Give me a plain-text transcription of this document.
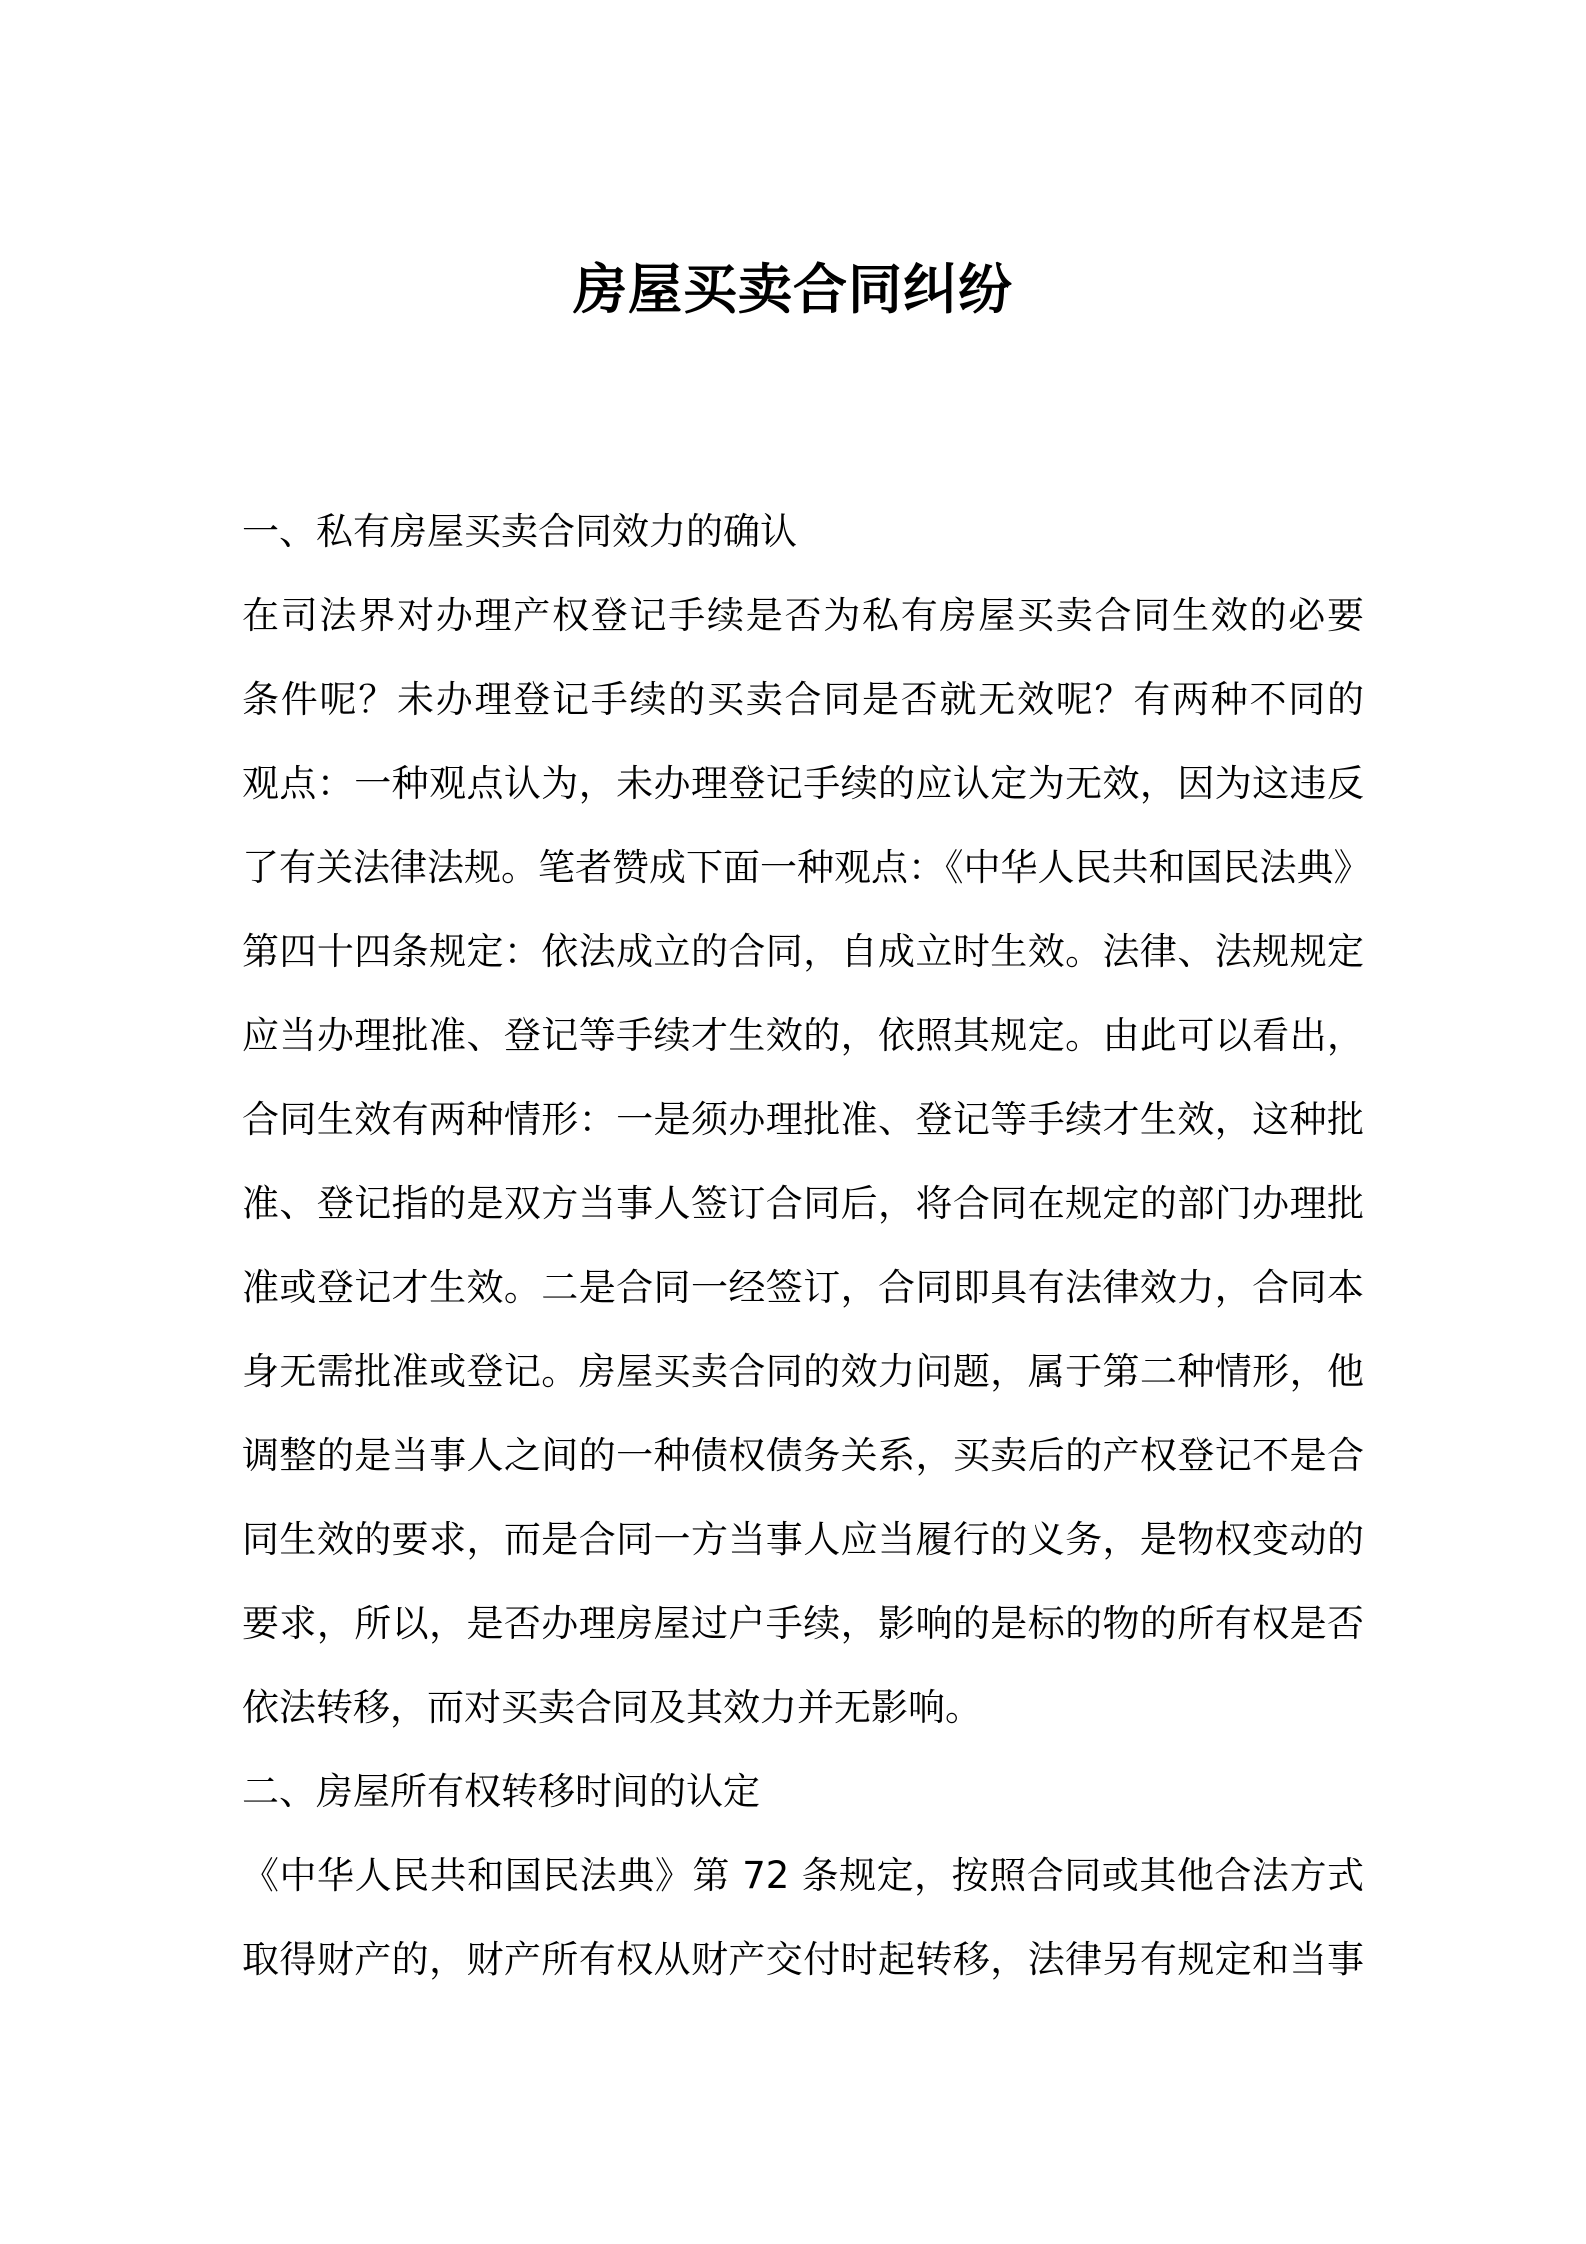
房屋买卖合同纠纷

一、私有房屋买卖合同效力的确认

在司法界对办理产权登记手续是否为私有房屋买卖合同生效的必要

条件呢？未办理登记手续的买卖合同是否就无效呢？有两种不同的

观点：一种观点认为，未办理登记手续的应认定为无效，因为这违反

了有关法律法规。笔者赞成下面一种观点：《中华人民共和国民法典》

第四十四条规定：依法成立的合同，自成立时生效。法律、法规规定

应当办理批准、登记等手续才生效的，依照其规定。由此可以看出，

合同生效有两种情形：一是须办理批准、登记等手续才生效，这种批

准、登记指的是双方当事人签订合同后，将合同在规定的部门办理批

准或登记才生效。二是合同一经签订，合同即具有法律效力，合同本

身无需批准或登记。房屋买卖合同的效力问题，属于第二种情形，他

调整的是当事人之间的一种债权债务关系，买卖后的产权登记不是合

同生效的要求，而是合同一方当事人应当履行的义务，是物权变动的

要求，所以，是否办理房屋过户手续，影响的是标的物的所有权是否

依法转移，而对买卖合同及其效力并无影响。

二、房屋所有权转移时间的认定

《中华人民共和国民法典》第 72 条规定，按照合同或其他合法方式

取得财产的，财产所有权从财产交付时起转移，法律另有规定和当事
